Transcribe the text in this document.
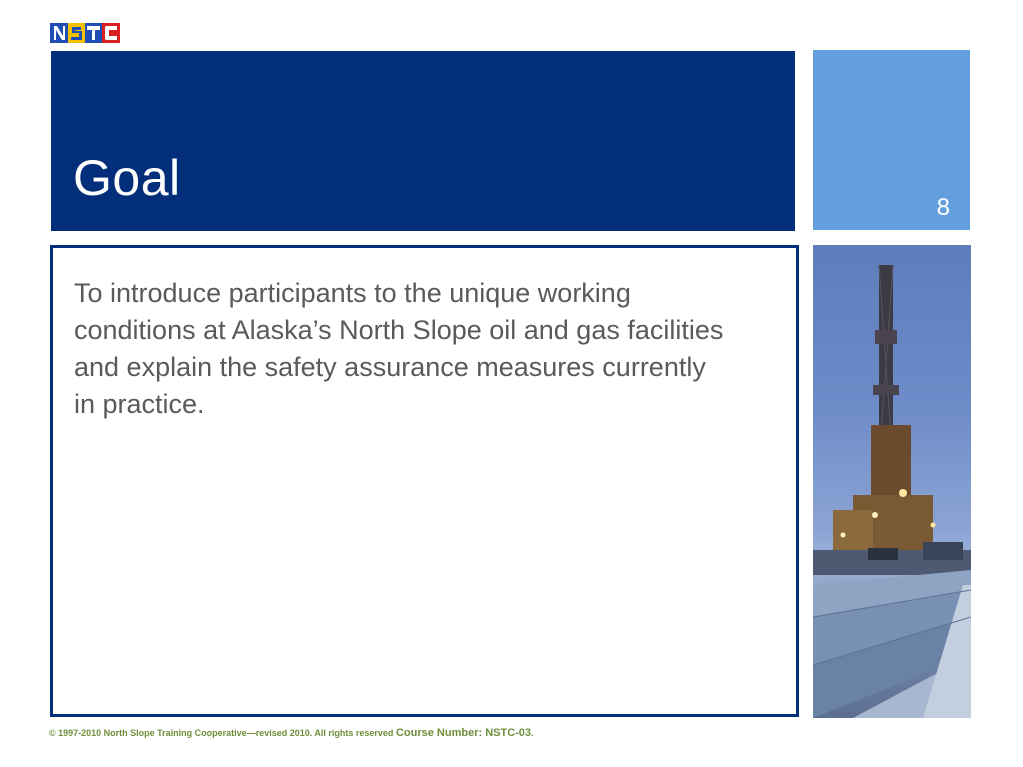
Goal
8

To introduce participants to the unique working conditions at Alaska’s North Slope oil and gas facilities and explain the safety assurance measures currently in practice.

© 1997-2010 North Slope Training Cooperative—revised 2010. All rights reserved Course Number: NSTC-03.
